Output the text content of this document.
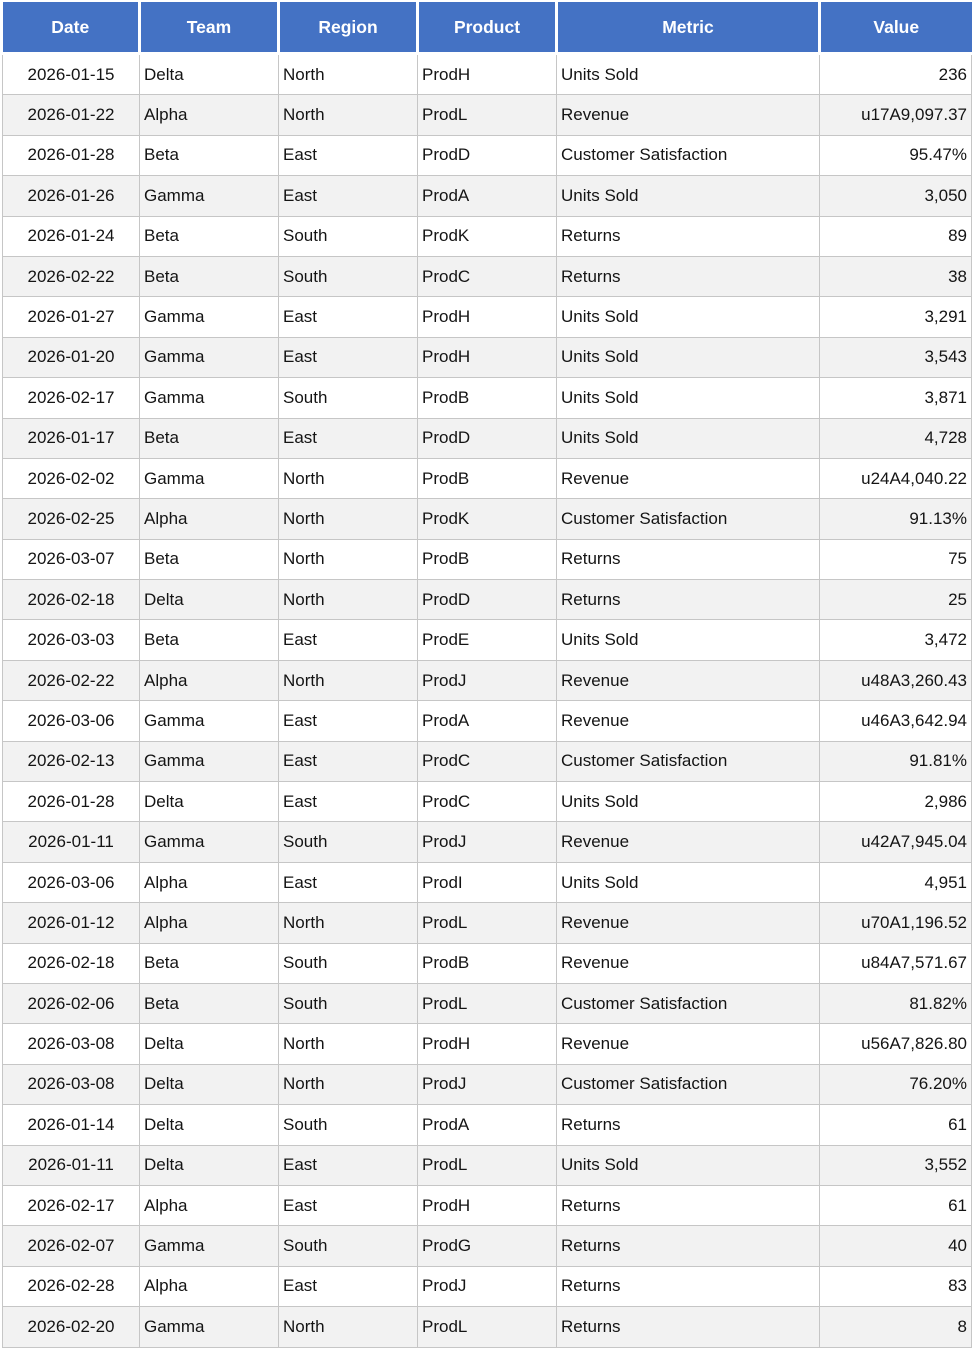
Date	Team	Region	Product	Metric	Value
2026-01-15	Delta	North	ProdH	Units Sold	236
2026-01-22	Alpha	North	ProdL	Revenue	u17A9,097.37
2026-01-28	Beta	East	ProdD	Customer Satisfaction	95.47%
2026-01-26	Gamma	East	ProdA	Units Sold	3,050
2026-01-24	Beta	South	ProdK	Returns	89
2026-02-22	Beta	South	ProdC	Returns	38
2026-01-27	Gamma	East	ProdH	Units Sold	3,291
2026-01-20	Gamma	East	ProdH	Units Sold	3,543
2026-02-17	Gamma	South	ProdB	Units Sold	3,871
2026-01-17	Beta	East	ProdD	Units Sold	4,728
2026-02-02	Gamma	North	ProdB	Revenue	u24A4,040.22
2026-02-25	Alpha	North	ProdK	Customer Satisfaction	91.13%
2026-03-07	Beta	North	ProdB	Returns	75
2026-02-18	Delta	North	ProdD	Returns	25
2026-03-03	Beta	East	ProdE	Units Sold	3,472
2026-02-22	Alpha	North	ProdJ	Revenue	u48A3,260.43
2026-03-06	Gamma	East	ProdA	Revenue	u46A3,642.94
2026-02-13	Gamma	East	ProdC	Customer Satisfaction	91.81%
2026-01-28	Delta	East	ProdC	Units Sold	2,986
2026-01-11	Gamma	South	ProdJ	Revenue	u42A7,945.04
2026-03-06	Alpha	East	ProdI	Units Sold	4,951
2026-01-12	Alpha	North	ProdL	Revenue	u70A1,196.52
2026-02-18	Beta	South	ProdB	Revenue	u84A7,571.67
2026-02-06	Beta	South	ProdL	Customer Satisfaction	81.82%
2026-03-08	Delta	North	ProdH	Revenue	u56A7,826.80
2026-03-08	Delta	North	ProdJ	Customer Satisfaction	76.20%
2026-01-14	Delta	South	ProdA	Returns	61
2026-01-11	Delta	East	ProdL	Units Sold	3,552
2026-02-17	Alpha	East	ProdH	Returns	61
2026-02-07	Gamma	South	ProdG	Returns	40
2026-02-28	Alpha	East	ProdJ	Returns	83
2026-02-20	Gamma	North	ProdL	Returns	8
